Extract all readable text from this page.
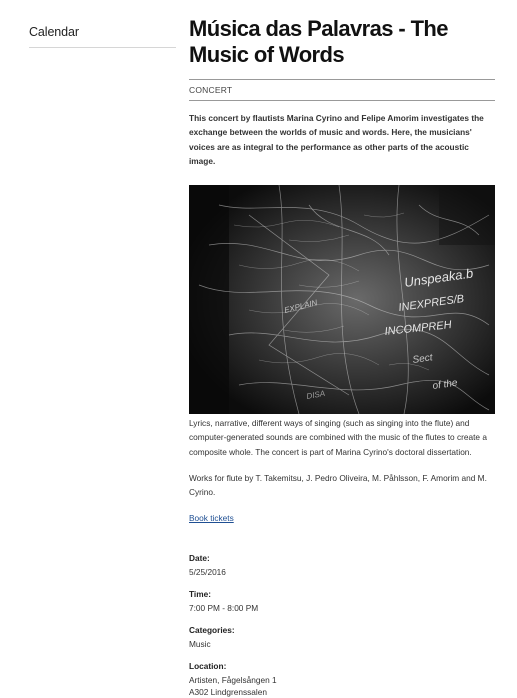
Calendar	Música das Palavras - The Music of Words
CONCERT

This concert by flautists Marina Cyrino and Felipe Amorim investigates the exchange between the worlds of music and words. Here, the musicians' voices are as integral to the performance as other parts of the acoustic image.

Unspeaka.b
INEXPRES/B
INCOMPREH
EXPLAIN
DISA
of the
Sect

Lyrics, narrative, different ways of singing (such as singing into the flute) and computer-generated sounds are combined with the music of the flutes to create a composite whole. The concert is part of Marina Cyrino's doctoral dissertation.

Works for flute by T. Takemitsu, J. Pedro Oliveira, M. Påhlsson, F. Amorim and M. Cyrino.

Book tickets

Date:

5/25/2016

Time:

7:00 PM - 8:00 PM

Categories:

Music

Location:

Artisten, Fågelsången 1

A302 Lindgrenssalen
